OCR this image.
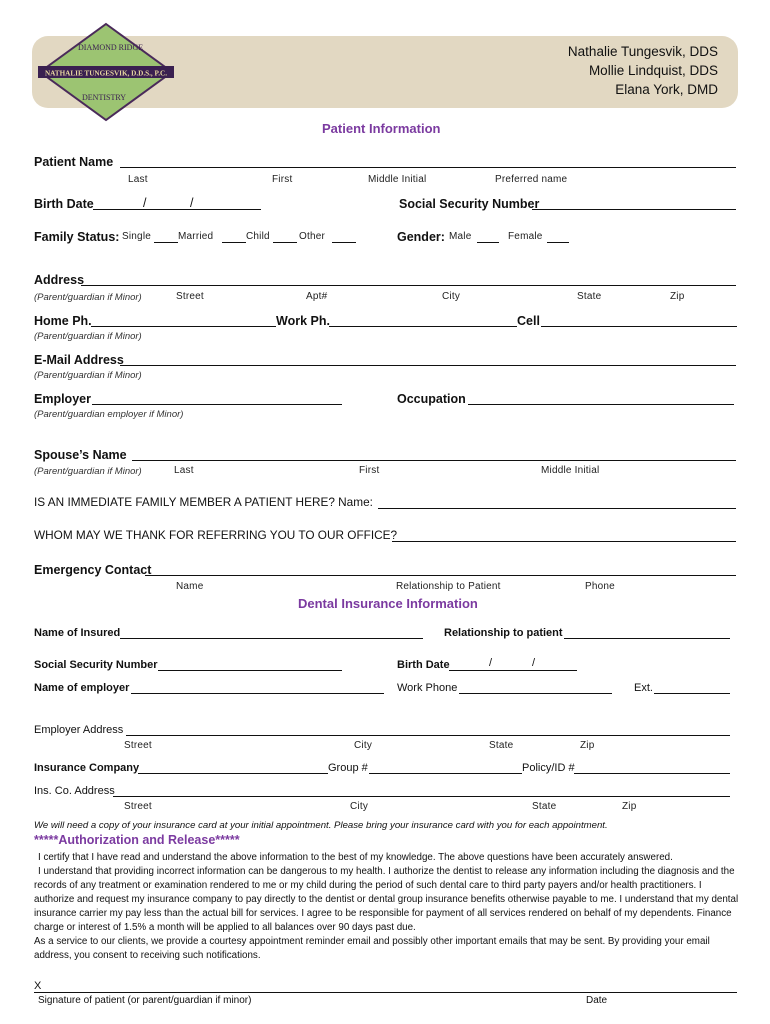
Nathalie Tungesvik, DDS
Mollie Lindquist, DDS
Elana York, DMD
DIAMOND RIDGE
NATHALIE TUNGESVIK, D.D.S., P.C.
DENTISTRY
Patient Information
Patient Name
Last	First	Middle Initial	Preferred name
Birth Date	/	/	Social Security Number
Family Status: Single	Married	Child	Other	Gender: Male	Female
Address
(Parent/guardian if Minor)	Street	Apt#	City	State	Zip
Home Ph.	Work Ph.	Cell
(Parent/guardian if Minor)
E-Mail Address
(Parent/guardian if Minor)
Employer	Occupation
(Parent/guardian employer if Minor)
Spouse’s Name
(Parent/guardian if Minor)	Last	First	Middle Initial
IS AN IMMEDIATE FAMILY MEMBER A PATIENT HERE? Name:
WHOM MAY WE THANK FOR REFERRING YOU TO OUR OFFICE?
Emergency Contact
Name	Relationship to Patient	Phone
Dental Insurance Information
Name of Insured	Relationship to patient
Social Security Number	Birth Date	/	/
Name of employer	Work Phone	Ext.
Employer Address
Street	City	State	Zip
Insurance Company	Group #	Policy/ID #
Ins. Co. Address
Street	City	State	Zip
We will need a copy of your insurance card at your initial appointment. Please bring your insurance card with you for each appointment.
*****Authorization and Release*****
I certify that I have read and understand the above information to the best of my knowledge. The above questions have been accurately answered.
I understand that providing incorrect information can be dangerous to my health. I authorize the dentist to release any information including the diagnosis and the records of any treatment or examination rendered to me or my child during the period of such dental care to third party payers and/or health practitioners. I authorize and request my insurance company to pay directly to the dentist or dental group insurance benefits otherwise payable to me. I understand that my dental insurance carrier my pay less than the actual bill for services. I agree to be responsible for payment of all services rendered on behalf of my dependents. Finance charge or interest of 1.5% a month will be applied to all balances over 90 days past due.
As a service to our clients, we provide a courtesy appointment reminder email and possibly other important emails that may be sent. By providing your email address, you consent to receiving such notifications.
X
Signature of patient (or parent/guardian if minor)	Date
